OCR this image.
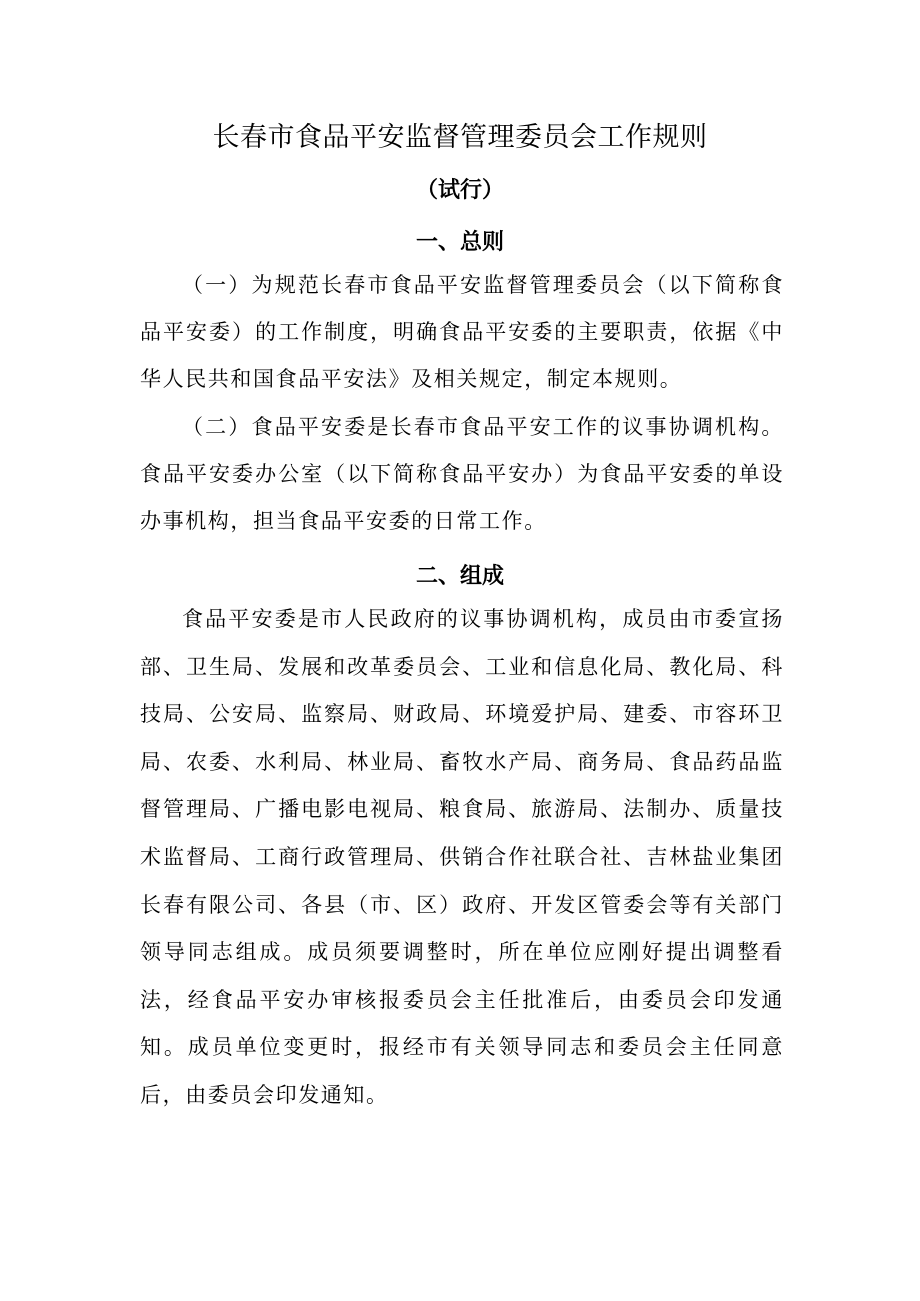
长春市食品平安监督管理委员会工作规则
（试行）
一、总则

（一）为规范长春市食品平安监督管理委员会（以下简称食品平安委）的工作制度，明确食品平安委的主要职责，依据《中华人民共和国食品平安法》及相关规定，制定本规则。

（二）食品平安委是长春市食品平安工作的议事协调机构。食品平安委办公室（以下简称食品平安办）为食品平安委的单设办事机构，担当食品平安委的日常工作。

二、组成

食品平安委是市人民政府的议事协调机构，成员由市委宣扬部、卫生局、发展和改革委员会、工业和信息化局、教化局、科技局、公安局、监察局、财政局、环境爱护局、建委、市容环卫局、农委、水利局、林业局、畜牧水产局、商务局、食品药品监督管理局、广播电影电视局、粮食局、旅游局、法制办、质量技术监督局、工商行政管理局、供销合作社联合社、吉林盐业集团长春有限公司、各县（市、区）政府、开发区管委会等有关部门领导同志组成。成员须要调整时，所在单位应刚好提出调整看法，经食品平安办审核报委员会主任批准后，由委员会印发通知。成员单位变更时，报经市有关领导同志和委员会主任同意后，由委员会印发通知。
